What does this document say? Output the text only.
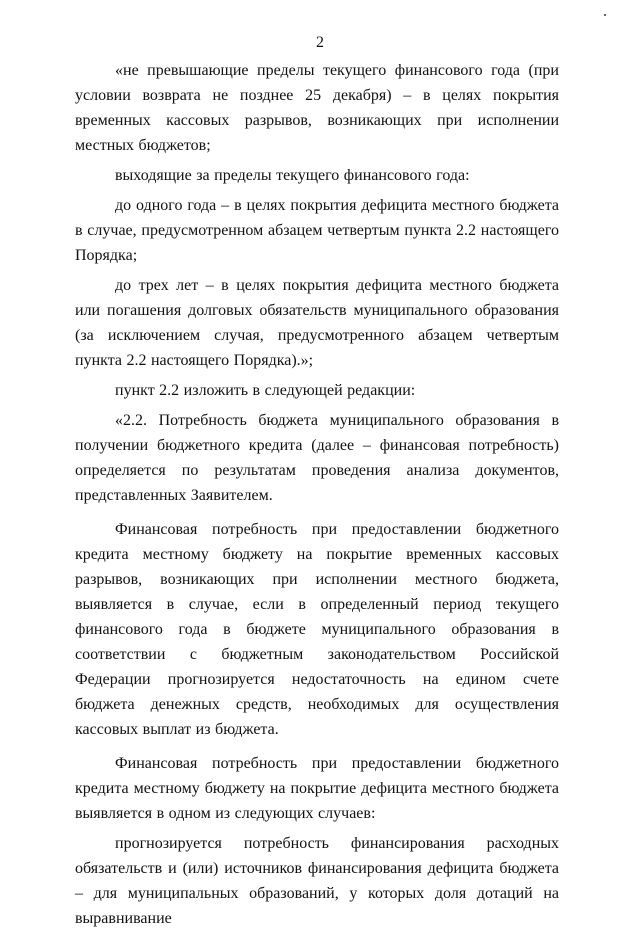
2

«не превышающие пределы текущего финансового года (при условии возврата не позднее 25 декабря) – в целях покрытия временных кассовых разрывов, возникающих при исполнении местных бюджетов;

выходящие за пределы текущего финансового года:

до одного года – в целях покрытия дефицита местного бюджета в случае, предусмотренном абзацем четвертым пункта 2.2 настоящего Порядка;

до трех лет – в целях покрытия дефицита местного бюджета или погашения долговых обязательств муниципального образования (за исключением случая, предусмотренного абзацем четвертым пункта 2.2 настоящего Порядка).»;

пункт 2.2 изложить в следующей редакции:

«2.2. Потребность бюджета муниципального образования в получении бюджетного кредита (далее – финансовая потребность) определяется по результатам проведения анализа документов, представленных Заявителем.

Финансовая потребность при предоставлении бюджетного кредита местному бюджету на покрытие временных кассовых разрывов, возникающих при исполнении местного бюджета, выявляется в случае, если в определенный период текущего финансового года в бюджете муниципального образования в соответствии с бюджетным законодательством Российской Федерации прогнозируется недостаточность на едином счете бюджета денежных средств, необходимых для осуществления кассовых выплат из бюджета.

Финансовая потребность при предоставлении бюджетного кредита местному бюджету на покрытие дефицита местного бюджета выявляется в одном из следующих случаев:

прогнозируется потребность финансирования расходных обязательств и (или) источников финансирования дефицита бюджета – для муниципальных образований, у которых доля дотаций на выравнивание
